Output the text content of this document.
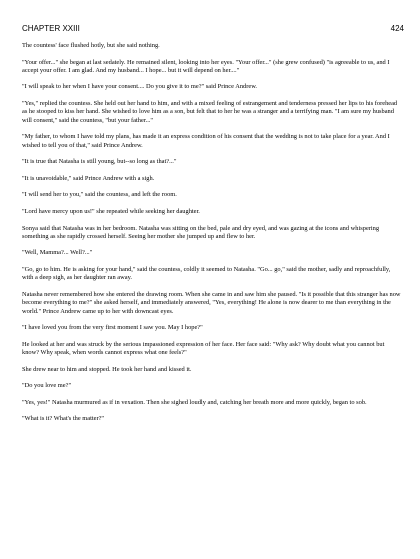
CHAPTER XXIII	424

The countess' face flushed hotly, but she said nothing.

"Your offer..." she began at last sedately. He remained silent, looking into her eyes. "Your offer..." (she grew confused) "is agreeable to us, and I accept your offer. I am glad. And my husband... I hope... but it will depend on her...."

"I will speak to her when I have your consent.... Do you give it to me?" said Prince Andrew.

"Yes," replied the countess. She held out her hand to him, and with a mixed feeling of estrangement and tenderness pressed her lips to his forehead as he stooped to kiss her hand. She wished to love him as a son, but felt that to her he was a stranger and a terrifying man. "I am sure my husband will consent," said the countess, "but your father..."

"My father, to whom I have told my plans, has made it an express condition of his consent that the wedding is not to take place for a year. And I wished to tell you of that," said Prince Andrew.

"It is true that Natasha is still young, but--so long as that?..."

"It is unavoidable," said Prince Andrew with a sigh.

"I will send her to you," said the countess, and left the room.

"Lord have mercy upon us!" she repeated while seeking her daughter.

Sonya said that Natasha was in her bedroom. Natasha was sitting on the bed, pale and dry eyed, and was gazing at the icons and whispering something as she rapidly crossed herself. Seeing her mother she jumped up and flew to her.

"Well, Mamma?... Well?..."

"Go, go to him. He is asking for your hand," said the countess, coldly it seemed to Natasha. "Go... go," said the mother, sadly and reproachfully, with a deep sigh, as her daughter ran away.

Natasha never remembered how she entered the drawing room. When she came in and saw him she paused. "Is it possible that this stranger has now become everything to me?" she asked herself, and immediately answered, "Yes, everything! He alone is now dearer to me than everything in the world." Prince Andrew came up to her with downcast eyes.

"I have loved you from the very first moment I saw you. May I hope?"

He looked at her and was struck by the serious impassioned expression of her face. Her face said: "Why ask? Why doubt what you cannot but know? Why speak, when words cannot express what one feels?"

She drew near to him and stopped. He took her hand and kissed it.

"Do you love me?"

"Yes, yes!" Natasha murmured as if in vexation. Then she sighed loudly and, catching her breath more and more quickly, began to sob.

"What is it? What's the matter?"
